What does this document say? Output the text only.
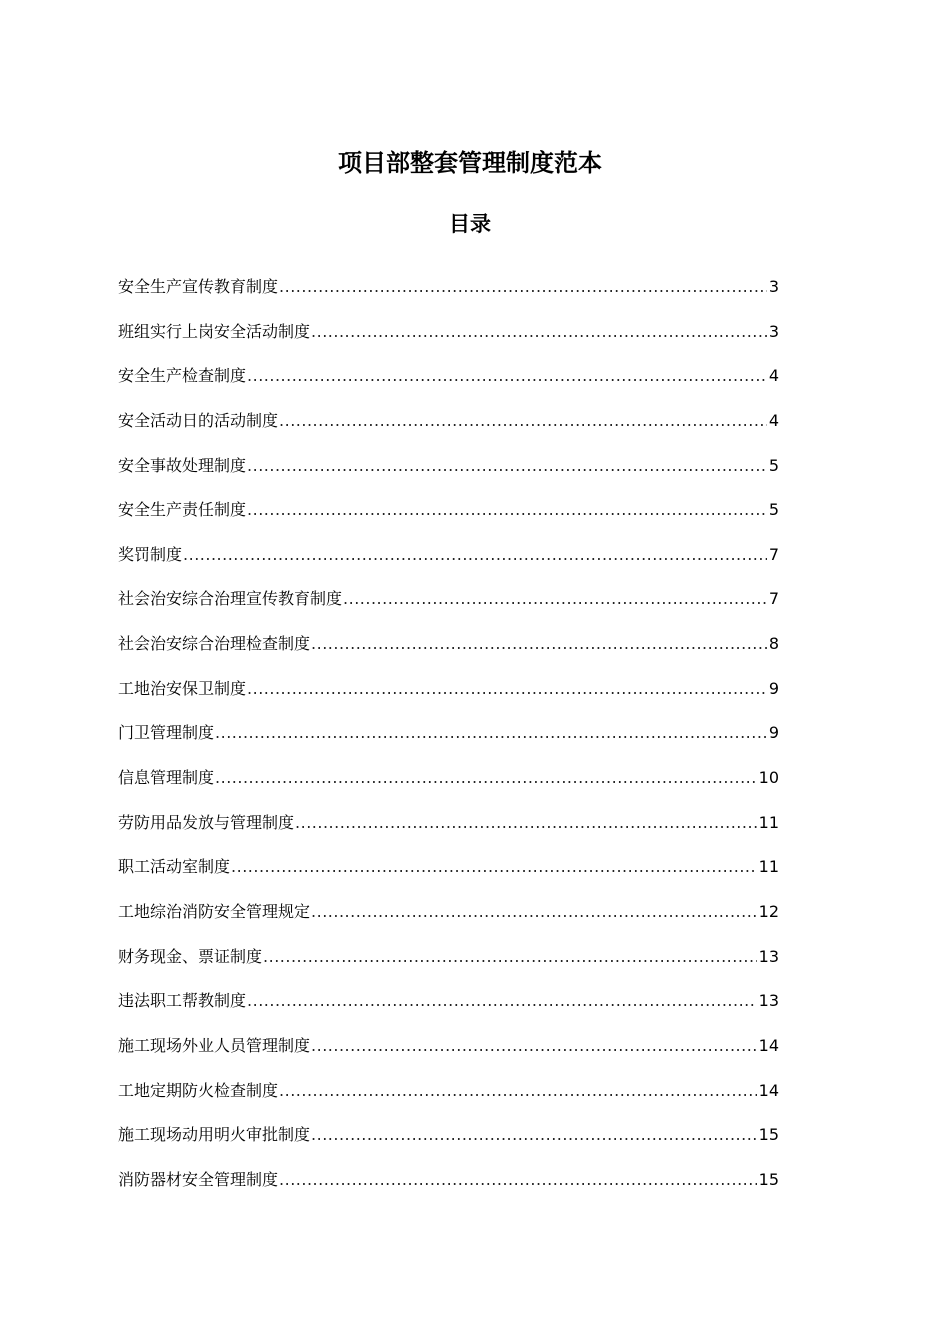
项目部整套管理制度范本
目录
安全生产宣传教育制度 .....	3
班组实行上岗安全活动制度 .....	3
安全生产检查制度 .....	4
安全活动日的活动制度 .....	4
安全事故处理制度 .....	5
安全生产责任制度 .....	5
奖罚制度 .....	7
社会治安综合治理宣传教育制度 .....	7
社会治安综合治理检查制度 .....	8
工地治安保卫制度 .....	9
门卫管理制度 .....	9
信息管理制度 .....	10
劳防用品发放与管理制度 .....	11
职工活动室制度 .....	11
工地综治消防安全管理规定 .....	12
财务现金、票证制度 .....	13
违法职工帮教制度 .....	13
施工现场外业人员管理制度 .....	14
工地定期防火检查制度 .....	14
施工现场动用明火审批制度 .....	15
消防器材安全管理制度 .....	15
